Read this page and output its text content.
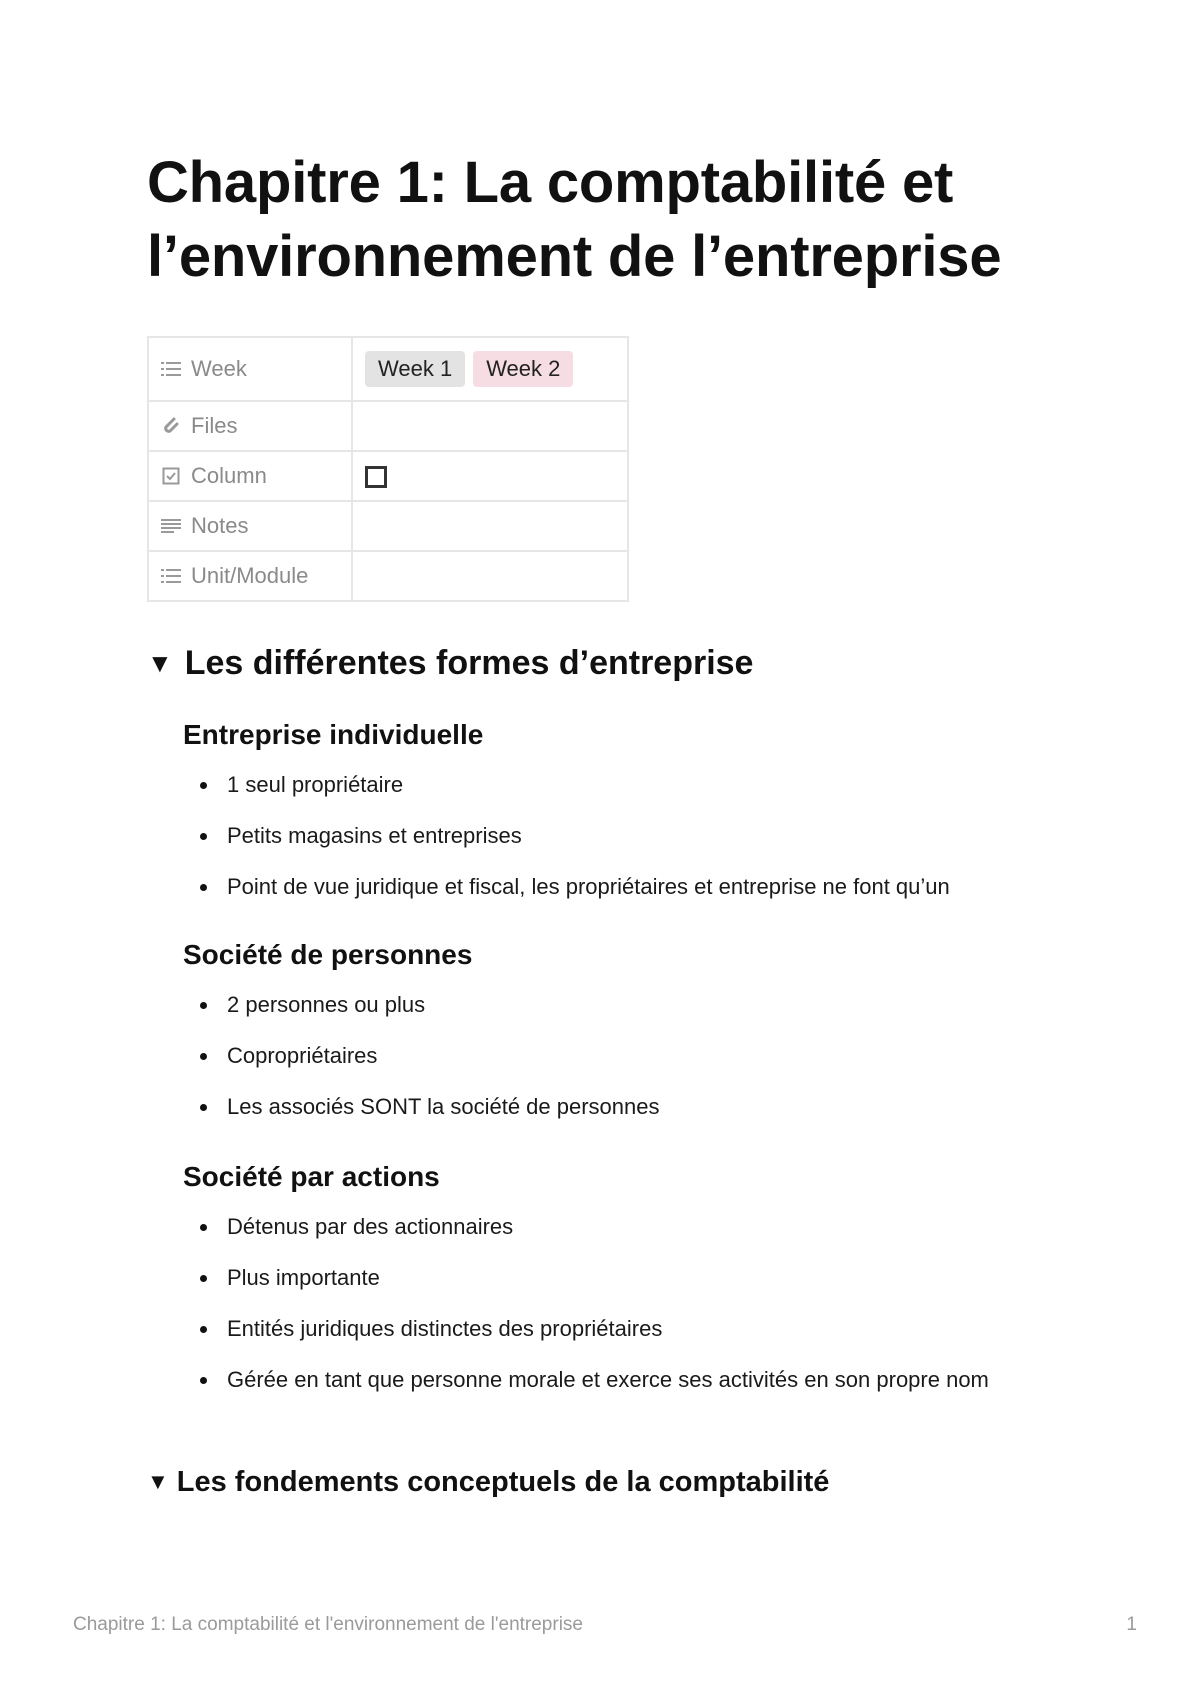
Chapitre 1: La comptabilité et l’environnement de l’entreprise
Week	Week 1 Week 2

Files	

Column	

Notes	

Unit/Module	

▼ Les différentes formes d’entreprise
Entreprise individuelle
1 seul propriétaire
Petits magasins et entreprises
Point de vue juridique et fiscal, les propriétaires et entreprise ne font qu’un
Société de personnes
2 personnes ou plus
Copropriétaires
Les associés SONT la société de personnes
Société par actions
Détenus par des actionnaires
Plus importante
Entités juridiques distinctes des propriétaires
Gérée en tant que personne morale et exerce ses activités en son propre nom
▼ Les fondements conceptuels de la comptabilité
Chapitre 1: La comptabilité et l'environnement de l'entreprise	1
